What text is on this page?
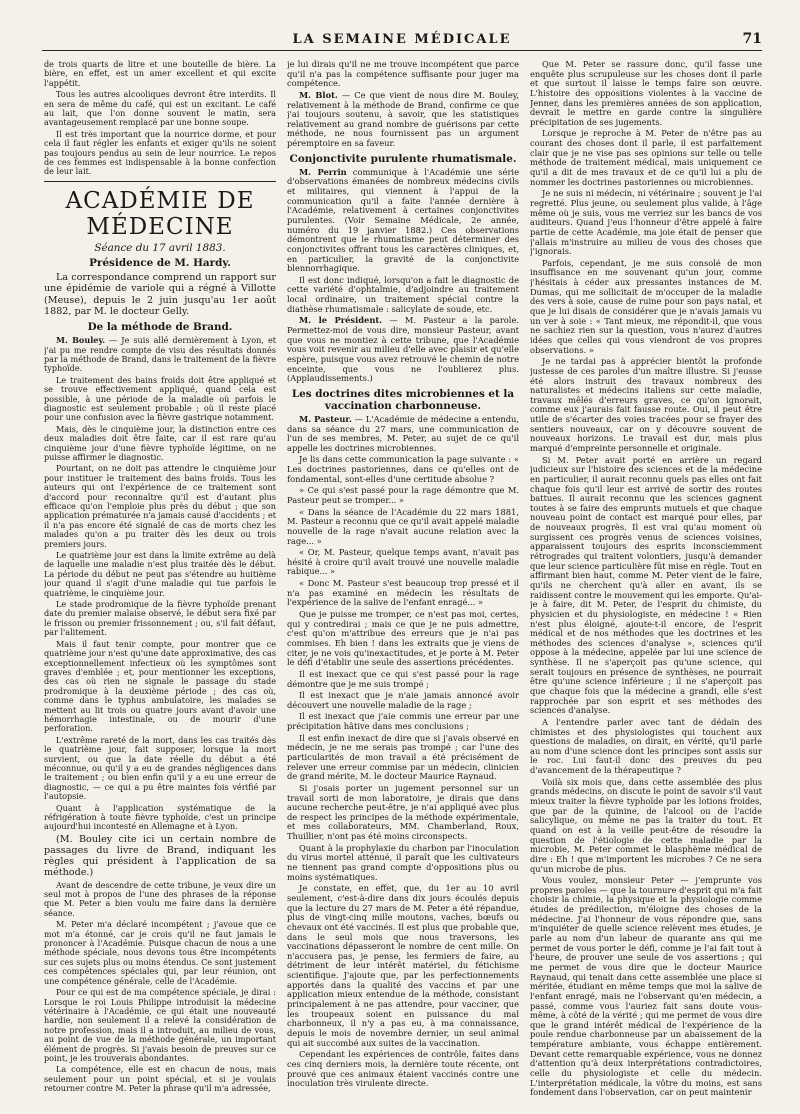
LA SEMAINE MÉDICALE	71

de trois quarts de litre et une bouteille de bière. La bière, en effet, est un amer excellent et qui excite l'appétit.

Tous les autres alcooliques devront être interdits. Il en sera de même du café, qui est un excitant. Le café au lait, que l'on donne souvent le matin, sera avantageusement remplacé par une bonne soupe.

Il est très important que la nourrice dorme, et pour cela il faut régler les enfants et exiger qu'ils ne soient pas toujours pendus au sein de leur nourrice. Le repos de ces femmes est indispensable à la bonne confection de leur lait.

ACADÉMIE DE MÉDECINE
Séance du 17 avril 1883.
Présidence de M. Hardy.

La correspondance comprend un rapport sur une épidémie de variole qui a régné à Villotte (Meuse), depuis le 2 juin jusqu'au 1er août 1882, par M. le docteur Gelly.

De la méthode de Brand.

M. Bouley. — Je suis allé dernièrement à Lyon, et j'ai pu me rendre compte de visu des résultats donnés par la méthode de Brand, dans le traitement de la fièvre typhoïde.

Le traitement des bains froids doit être appliqué et se trouve effectivement appliqué, quand cela est possible, à une période de la maladie où parfois le diagnostic est seulement probable ; où il reste placé pour une confusion avec la fièvre gastrique notamment.

Mais, dès le cinquième jour, la distinction entre ces deux maladies doit être faite, car il est rare qu'au cinquième jour d'une fièvre typhoïde légitime, on ne puisse affirmer le diagnostic.

Pourtant, on ne doit pas attendre le cinquième jour pour instituer le traitement des bains froids. Tous les auteurs qui ont l'expérience de ce traitement sont d'accord pour reconnaître qu'il est d'autant plus efficace qu'on l'emploie plus près du début ; que son application prématurée n'a jamais causé d'accidents ; et il n'a pas encore été signalé de cas de morts chez les malades qu'on a pu traiter dès les deux ou trois premiers jours.

Le quatrième jour est dans la limite extrême au delà de laquelle une maladie n'est plus traitée dès le début. La période du début ne peut pas s'étendre au huitième jour quand il s'agit d'une maladie qui tue parfois le quatrième, le cinquième jour.

Le stade prodromique de la fièvre typhoïde prenant date du premier malaise observé, le début sera fixé par le frisson ou premier frissonnement ; ou, s'il fait défaut, par l'alitement.

Mais il faut tenir compte, pour montrer que ce quatrième jour n'est qu'une date approximative, des cas exceptionnellement infectieux où les symptômes sont graves d'emblée ; et, pour mentionner les exceptions, des cas où rien ne signale le passage du stade prodromique à la deuxième période ; des cas où, comme dans le typhus ambulatoire, les malades se mettent au lit trois ou quatre jours avant d'avoir une hémorrhagie intestinale, ou de mourir d'une perforation.

L'extrême rareté de la mort, dans les cas traités dès le quatrième jour, fait supposer, lorsque la mort survient, ou que la date réelle du début a été méconnue, ou qu'il y a eu de grandes négligences dans le traitement ; ou bien enfin qu'il y a eu une erreur de diagnostic, — ce qui a pu être maintes fois vérifié par l'autopsie.

Quant à l'application systématique de la réfrigération à toute fièvre typhoïde, c'est un principe aujourd'hui incontesté en Allemagne et à Lyon.

(M. Bouley cite ici un certain nombre de passages du livre de Brand, indiquant les règles qui président à l'application de sa méthode.)

Avant de descendre de cette tribune, je veux dire un seul mot à propos de l'une des phrases de la réponse que M. Peter a bien voulu me faire dans la dernière séance.

M. Peter m'a déclaré incompétent ; j'avoue que ce mot m'a étonné, car je crois qu'il ne faut jamais le prononcer à l'Académie. Puisque chacun de nous a une méthode spéciale, nous devons tous être incompétents sur ces sujets plus ou moins étendus. Ce sont justement ces compétences spéciales qui, par leur réunion, ont une compétence générale, celle de l'Académie.

Pour ce qui est de ma compétence spéciale, je dirai : Lorsque le roi Louis Philippe introduisit la médecine vétérinaire à l'Académie, ce qui était une nouveauté hardie, non seulement il a relevé la considération de notre profession, mais il a introduit, au milieu de vous, au point de vue de la méthode générale, un important élément de progrès. Si j'avais besoin de preuves sur ce point, je les trouverais abondantes.

La compétence, elle est en chacun de nous, mais seulement pour un point spécial, et si je voulais retourner contre M. Peter la phrase qu'il m'a adressée,

je lui dirais qu'il ne me trouve incompétent que parce qu'il n'a pas la compétence suffisante pour juger ma compétence.

M. Blot. — Ce que vient de nous dire M. Bouley, relativement à la méthode de Brand, confirme ce que j'ai toujours soutenu, à savoir, que les statistiques relativement au grand nombre de guérisons par cette méthode, ne nous fournissent pas un argument péremptoire en sa faveur.

Conjonctivite purulente rhumatismale.

M. Perrin communique à l'Académie une série d'observations émanées de nombreux médecins civils et militaires, qui viennent à l'appui de la communication qu'il a faite l'année dernière à l'Académie, relativement à certaines conjonctivites purulentes. (Voir Semaine Médicale, 2e année, numéro du 19 janvier 1882.) Ces observations démontrent que le rhumatisme peut déterminer des conjonctivites offrant tous les caractères cliniques, et, en particulier, la gravité de la conjonctivite blennorrhagique.

Il est donc indiqué, lorsqu'on a fait le diagnostic de cette variété d'ophtalmie, d'adjoindre au traitement local ordinaire, un traitement spécial contre la diathèse rhumatismale : salicylate de soude, etc.

M. le Président. — M. Pasteur a la parole. Permettez-moi de vous dire, monsieur Pasteur, avant que vous ne montiez à cette tribune, que l'Académie vous voit revenir au milieu d'elle avec plaisir et qu'elle espère, puisque vous avez retrouvé le chemin de notre enceinte, que vous ne l'oublierez plus. (Applaudissements.)

Les doctrines dites microbiennes et la vaccination charbonneuse.

M. Pasteur. — L'Académie de médecine a entendu, dans sa séance du 27 mars, une communication de l'un de ses membres, M. Peter, au sujet de ce qu'il appelle les doctrines microbiennes.

Je lis dans cette communication la page suivante : « Les doctrines pastoriennes, dans ce qu'elles ont de fondamental, sont-elles d'une certitude absolue ?

» Ce qui s'est passé pour la rage démontre que M. Pasteur peut se tromper... »

« Dans la séance de l'Académie du 22 mars 1881, M. Pasteur a reconnu que ce qu'il avait appelé maladie nouvelle de la rage n'avait aucune relation avec la rage... »

« Or, M. Pasteur, quelque temps avant, n'avait pas hésité à croire qu'il avait trouvé une nouvelle maladie rabique... »

« Donc M. Pasteur s'est beaucoup trop pressé et il n'a pas examiné en médecin les résultats de l'expérience de la salive de l'enfant enragé... »

Que je puisse me tromper, ce n'est pas moi, certes, qui y contredirai ; mais ce que je ne puis admettre, c'est qu'on m'attribue des erreurs que je n'ai pas commises. Eh bien ! dans les extraits que je viens de citer, je ne vois qu'inexactitudes, et je porte à M. Peter le défi d'établir une seule des assertions précédentes.

Il est inexact que ce qui s'est passé pour la rage démontre que je me suis trompé ;

Il est inexact que je n'aie jamais annoncé avoir découvert une nouvelle maladie de la rage ;

Il est inexact que j'aie commis une erreur par une précipitation hâtive dans mes conclusions ;

Il est enfin inexact de dire que si j'avais observé en médecin, je ne me serais pas trompé ; car l'une des particularités de mon travail a été précisément de relever une erreur commise par un médecin, clinicien de grand mérite, M. le docteur Maurice Raynaud.

Si j'osais porter un jugement personnel sur un travail sorti de mon laboratoire, je dirais que dans aucune recherche peut-être, je n'ai appliqué avec plus de respect les principes de la méthode expérimentale, et mes collaborateurs, MM. Chamberland, Roux, Thuillier, n'ont pas été moins circonspects.

Quant à la prophylaxie du charbon par l'inoculation du virus mortel atténué, il paraît que les cultivateurs ne tiennent pas grand compte d'oppositions plus ou moins systématiques.

Je constate, en effet, que, du 1er au 10 avril seulement, c'est-à-dire dans dix jours écoulés depuis que la lecture du 27 mars de M. Peter a été répandue, plus de vingt-cinq mille moutons, vaches, bœufs ou chevaux ont été vaccinés. Il est plus que probable que, dans le seul mois que nous traversons, les vaccinations dépasseront le nombre de cent mille. On n'accusera pas, je pense, les fermiers de faire, au détriment de leur intérêt matériel, du fétichisme scientifique. J'ajoute que, par les perfectionnements apportés dans la qualité des vaccins et par une application mieux entendue de la méthode, consistant principalement à ne pas attendre, pour vacciner, que les troupeaux soient en puissance du mal charbonneux, il n'y a pas eu, à ma connaissance, depuis le mois de novembre dernier, un seul animal qui ait succombé aux suites de la vaccination.

Cependant les expériences de contrôle, faites dans ces cinq derniers mois, la dernière toute récente, ont prouvé que ces animaux étaient vaccinés contre une inoculation très virulente directe.

Que M. Peter se rassure donc, qu'il fasse une enquête plus scrupuleuse sur les choses dont il parle et que surtout il laisse le temps faire son œuvre. L'histoire des oppositions violentes à la vaccine de Jenner, dans les premières années de son application, devrait le mettre en garde contre la singulière précipitation de ses jugements.

Lorsque je reproche à M. Peter de n'être pas au courant des choses dont il parle, il est parfaitement clair que je ne vise pas ses opinions sur telle ou telle méthode de traitement médical, mais uniquement ce qu'il a dit de mes travaux et de ce qu'il lui a plu de nommer les doctrines pastoriennes ou microbiennes.

Je ne suis ni médecin, ni vétérinaire ; souvent je l'ai regretté. Plus jeune, ou seulement plus valide, à l'âge même où je suis, vous me verriez sur les bancs de vos auditeurs. Quand j'eus l'honneur d'être appelé à faire partie de cette Académie, ma joie était de penser que j'allais m'instruire au milieu de vous des choses que j'ignorais.

Parfois, cependant, je me suis consolé de mon insuffisance en me souvenant qu'un jour, comme j'hésitais à céder aux pressantes instances de M. Dumas, qui me sollicitait de m'occuper de la maladie des vers à soie, cause de ruine pour son pays natal, et que je lui disais de considérer que je n'avais jamais vu un ver à soie : « Tant mieux, me répondit-il, que vous ne sachiez rien sur la question, vous n'aurez d'autres idées que celles qui vous viendront de vos propres observations. »

Je ne tardai pas à apprécier bientôt la profonde justesse de ces paroles d'un maître illustre. Si j'eusse été alors instruit des travaux nombreux des naturalistes et médecins italiens sur cette maladie, travaux mêlés d'erreurs graves, ce qu'on ignorait, comme eux j'aurais fait fausse route. Oui, il peut être utile de s'écarter des voies tracées pour se frayer des sentiers nouveaux, car on y découvre souvent de nouveaux horizons. Le travail est dur, mais plus marqué d'empreinte personnelle et originale.

Si M. Peter avait porté en arrière un regard judicieux sur l'histoire des sciences et de la médecine en particulier, il aurait reconnu quels pas elles ont fait chaque fois qu'il leur est arrivé de sortir des routes battues. Il aurait reconnu que les sciences gagnent toutes à se faire des emprunts mutuels et que chaque nouveau point de contact est marqué pour elles, par de nouveaux progrès. Il est vrai qu'au moment où surgissent ces progrès venus de sciences voisines, apparaissent toujours des esprits inconsciemment rétrogrades qui traitent volontiers, jusqu'à demander que leur science particulière fût mise en règle. Tout en affirmant bien haut, comme M. Peter vient de le faire, qu'ils ne cherchent qu'à aller en avant, ils se raidissent contre le mouvement qui les emporte. Qu'ai-je à faire, dit M. Peter, de l'esprit du chimiste, du physicien et du physiologiste, en médecine ! « Rien n'est plus éloigné, ajoute-t-il encore, de l'esprit médical et de nos méthodes que les doctrines et les méthodes des sciences d'analyse », sciences qu'il oppose à la médecine, appelée par lui une science de synthèse. Il ne s'aperçoit pas qu'une science, qui serait toujours en présence de synthèses, ne pourrait être qu'une science inférieure ; il ne s'aperçoit pas que chaque fois que la médecine a grandi, elle s'est rapprochée par son esprit et ses méthodes des sciences d'analyse.

A l'entendre parler avec tant de dédain des chimistes et des physiologistes qui touchent aux questions de maladies, on dirait, en vérité, qu'il parle au nom d'une science dont les principes sont assis sur le roc. Lui faut-il donc des preuves du peu d'avancement de la thérapeutique ?

Voilà six mois que, dans cette assemblée des plus grands médecins, on discute le point de savoir s'il vaut mieux traiter la fièvre typhoïde par les lotions froides, que par de la quinine, de l'alcool ou de l'acide salicylique, ou même ne pas la traiter du tout. Et quand on est à la veille peut-être de résoudre la question de l'étiologie de cette maladie par la microbie, M. Peter commet le blasphème médical de dire : Eh ! que m'importent les microbes ? Ce ne sera qu'un microbe de plus.

Vous voulez, monsieur Peter — j'emprunte vos propres paroles — que la tournure d'esprit qui m'a fait choisir la chimie, la physique et la physiologie comme études de prédilection, m'éloigne des choses de la médecine. J'ai l'honneur de vous répondre que, sans m'inquiéter de quelle science relèvent mes études, je parle au nom d'un labeur de quarante ans qui me permet de vous porter le défi, comme je l'ai fait tout à l'heure, de prouver une seule de vos assertions ; qui me permet de vous dire que le docteur Maurice Raynaud, qui tenait dans cette assemblée une place si méritée, étudiant en même temps que moi la salive de l'enfant enragé, mais ne l'observant qu'en médecin, a passé, comme vous l'auriez fait sans doute vous-même, à côté de la vérité ; qui me permet de vous dire que le grand intérêt médical de l'expérience de la poule rendue charbonneuse par un abaissement de la température ambiante, vous échappe entièrement. Devant cette remarquable expérience, vous ne donnez d'attention qu'à deux interprétations contradictoires, celle du physiologiste et celle du médecin. L'interprétation médicale, la vôtre du moins, est sans fondement dans l'observation, car on peut maintenir
